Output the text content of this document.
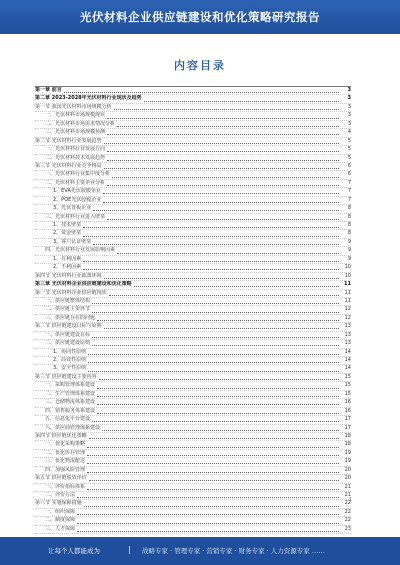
光伏材料企业供应链建设和优化策略研究报告
内容目录
第一章 前言	3
第二章 2023-2028年光伏材料行业现状及趋势	3
第一节 我国光伏材料市场规模分析	3
一、光伏材料市场规模现状	3
二、光伏材料市场需求情况分析	3
三、光伏材料市场规模预测	4
第二节 光伏材料行业发展趋势	5
一、光伏材料行业发展方向	5
二、光伏材料技术发展趋势	5
第三节 光伏材料行业竞争格局	6
一、光伏材料行业集中度分析	6
二、光伏材料主要企业分析	7
1、EVA光伏胶膜企业	7
2、POE光伏胶膜企业	7
3、光伏背板企业	8
三、光伏材料行业进入壁垒	8
1、技术壁垒	8
2、资金壁垒	8
3、客户认证壁垒	9
四、光伏材料行业发展影响因素	9
1、有利因素	9
2、不利因素	10
第四节 光伏材料行业政策环境	10
第三章 光伏材料企业供应链建设和优化策略	11
第一节 光伏材料企业供应链现状	11
一、供应链整体结构	11
二、供应链主要环节	12
三、供应链存在的问题	12
第二节 供应链建设目标与原则	13
一、供应链建设目标	13
二、供应链建设原则	13
1、协同性原则	14
2、高效性原则	14
3、安全性原则	14
第三节 供应链建设主要内容	15
一、采购管理体系建设	15
二、生产管理体系建设	15
三、仓储物流体系建设	16
四、销售服务体系建设	16
五、信息化平台建设	17
六、供应商管理体系建设	17
第四节 供应链优化策略	18
一、优化采购策略	18
二、优化库存管理	19
三、优化物流配送	19
四、加强风险管理	20
第五节 供应链绩效评价	20
一、评价指标体系	21
二、评价方法	21
第六节 实施保障措施	22
一、组织保障	22
二、制度保障	22
三、人才保障	23
1
让每个人都能成为	| 战略专家 · 管理专家 · 营销专家 · 财务专家 · 人力资源专家 ……
